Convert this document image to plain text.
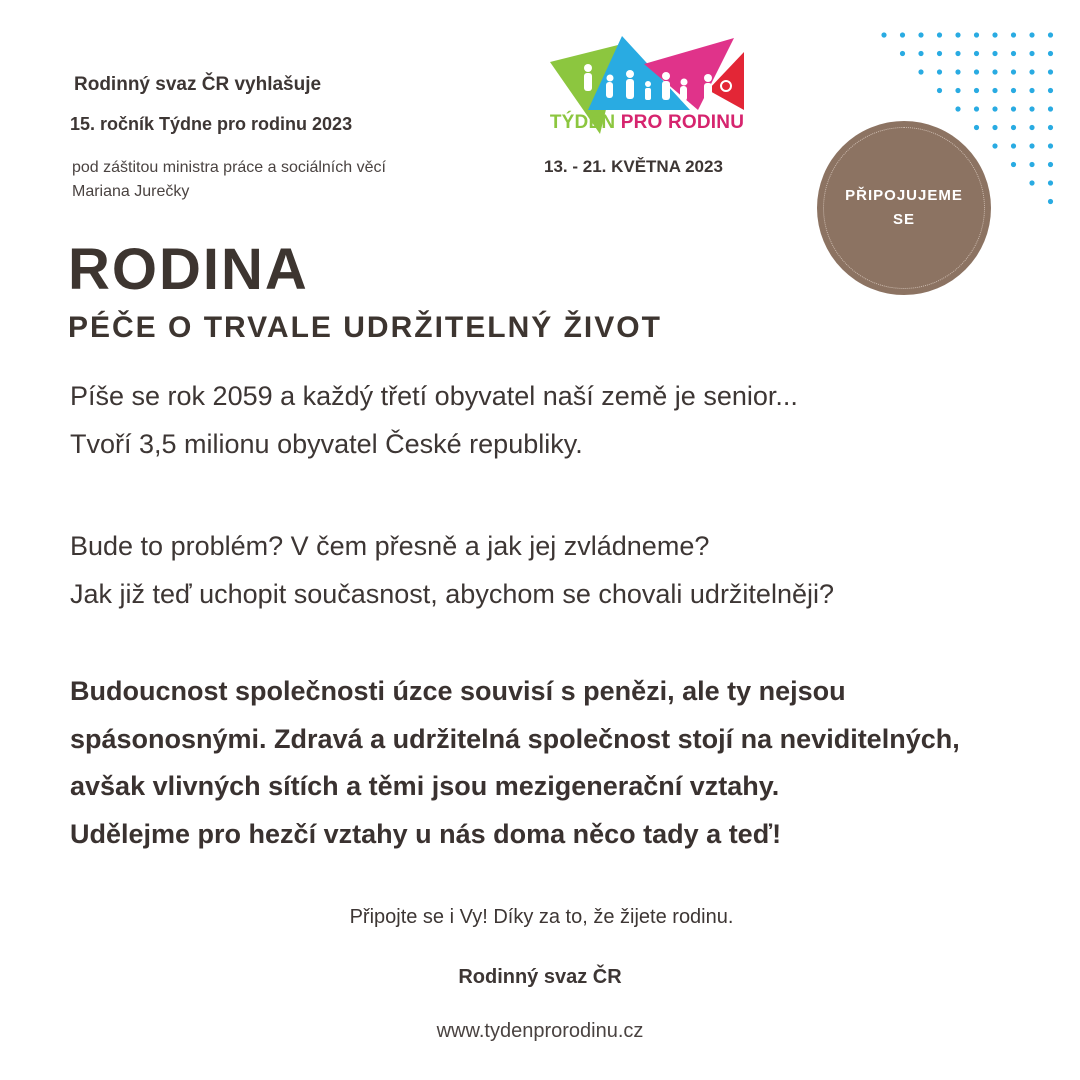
Rodinný svaz ČR vyhlašuje
15. ročník Týdne pro rodinu 2023
pod záštitou ministra práce a sociálních věcí
Mariana Jurečky
TÝDEN PRO RODINU
13. - 21. KVĚTNA 2023
PŘIPOJUJEME
SE
RODINA
PÉČE O TRVALE UDRŽITELNÝ ŽIVOT
Píše se rok 2059 a každý třetí obyvatel naší země je senior...
Tvoří 3,5 milionu obyvatel České republiky.
Bude to problém? V čem přesně a jak jej zvládneme?
Jak již teď uchopit současnost, abychom se chovali udržitelněji?
Budoucnost společnosti úzce souvisí s penězi, ale ty nejsou
spásonosnými. Zdravá a udržitelná společnost stojí na neviditelných,
avšak vlivných sítích a těmi jsou mezigenerační vztahy.
Udělejme pro hezčí vztahy u nás doma něco tady a teď!
Připojte se i Vy! Díky za to, že žijete rodinu.
Rodinný svaz ČR
www.tydenprorodinu.cz
